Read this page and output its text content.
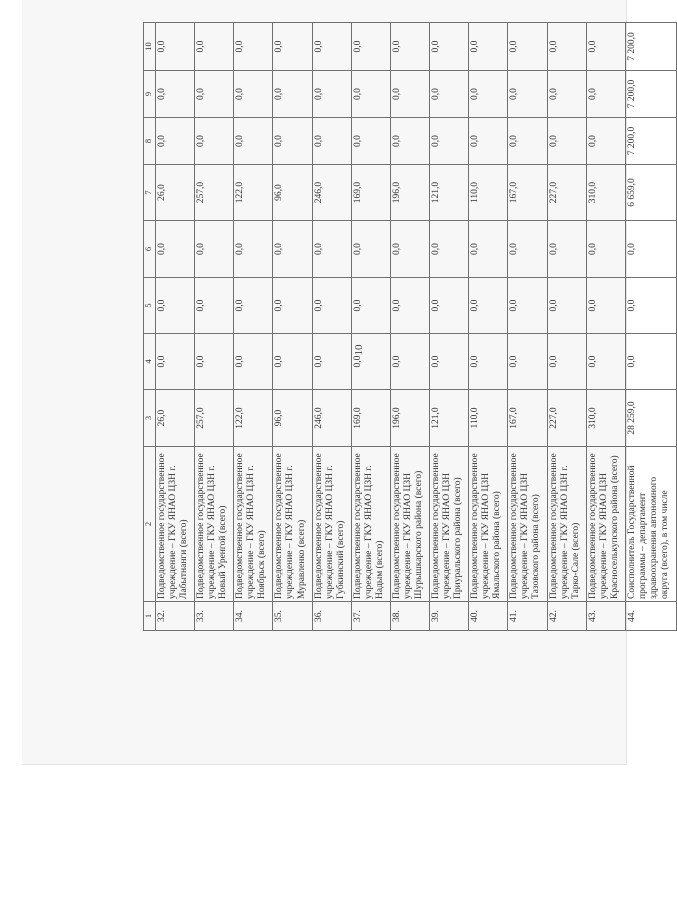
10
1	2	3	4	5	6	7	8	9	10
32.	Подведомственное государственное учреждение – ГКУ ЯНАО ЦЗН г. Лабытнанги (всего)	26,0	0,0	0,0	0,0	26,0	0,0	0,0	0,0
33.	Подведомственное государственное учреждение – ГКУ ЯНАО ЦЗН г. Новый Уренгой (всего)	257,0	0,0	0,0	0,0	257,0	0,0	0,0	0,0
34.	Подведомственное государственное учреждение – ГКУ ЯНАО ЦЗН г. Ноябрьск (всего)	122,0	0,0	0,0	0,0	122,0	0,0	0,0	0,0
35.	Подведомственное государственное учреждение – ГКУ ЯНАО ЦЗН г. Муравленко (всего)	96,0	0,0	0,0	0,0	96,0	0,0	0,0	0,0
36.	Подведомственное государственное учреждение – ГКУ ЯНАО ЦЗН г. Губкинский (всего)	246,0	0,0	0,0	0,0	246,0	0,0	0,0	0,0
37.	Подведомственное государственное учреждение – ГКУ ЯНАО ЦЗН г. Надым (всего)	169,0	0,0	0,0	0,0	169,0	0,0	0,0	0,0
38.	Подведомственное государственное учреждение – ГКУ ЯНАО ЦЗН Шурышкарского района (всего)	196,0	0,0	0,0	0,0	196,0	0,0	0,0	0,0
39.	Подведомственное государственное учреждение – ГКУ ЯНАО ЦЗН Приуральского района (всего)	121,0	0,0	0,0	0,0	121,0	0,0	0,0	0,0
40.	Подведомственное государственное учреждение – ГКУ ЯНАО ЦЗН Ямальского района (всего)	110,0	0,0	0,0	0,0	110,0	0,0	0,0	0,0
41.	Подведомственное государственное учреждение – ГКУ ЯНАО ЦЗН Тазовского района (всего)	167,0	0,0	0,0	0,0	167,0	0,0	0,0	0,0
42.	Подведомственное государственное учреждение – ГКУ ЯНАО ЦЗН г. Тарко-Сале (всего)	227,0	0,0	0,0	0,0	227,0	0,0	0,0	0,0
43.	Подведомственное государственное учреждение – ГКУ ЯНАО ЦЗН Красноселькупского района (всего)	310,0	0,0	0,0	0,0	310,0	0,0	0,0	0,0
44.	Соисполнитель Государственной программы – департамент здравоохранения автономного округа (всего), в том числе	28 259,0	0,0	0,0	0,0	6 659,0	7 200,0	7 200,0	7 200,0
